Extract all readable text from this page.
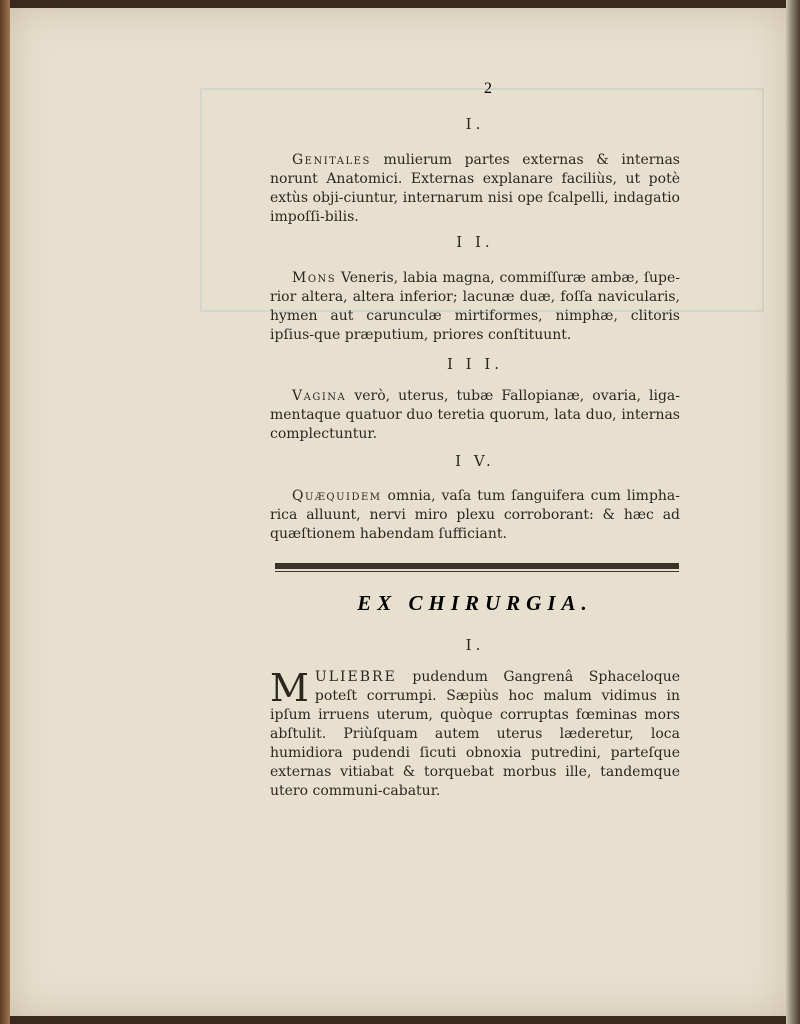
2
I.
Genitales mulierum partes externas & internas norunt Anatomici. Externas explanare faciliùs, ut potè extùs obji-ciuntur, internarum nisi ope ſcalpelli, indagatio impoſſi-bilis.
I I.
Mons Veneris, labia magna, commiſſuræ ambæ, ſupe-rior altera, altera inferior; lacunæ duæ, foſſa navicularis, hymen aut carunculæ mirtiformes, nimphæ, clitoris ipſius-que præputium, priores conſtituunt.
I I I.
Vagina verò, uterus, tubæ Fallopianæ, ovaria, liga-mentaque quatuor duo teretia quorum, lata duo, internas complectuntur.
I V.
Quæquidem omnia, vaſa tum ſanguifera cum limpha-rica alluunt, nervi miro plexu corroborant: & hæc ad quæſtionem habendam ſufficiant.
EX CHIRURGIA.
I.
MULIEBRE pudendum Gangrenâ Sphaceloque poteſt corrumpi. Sæpiùs hoc malum vidimus in ipſum irruens uterum, quòque corruptas fœminas mors abſtulit. Priùſquam autem uterus læderetur, loca humidiora pudendi ſicuti obnoxia putredini, parteſque externas vitiabat & torquebat morbus ille, tandemque utero communi-cabatur.
